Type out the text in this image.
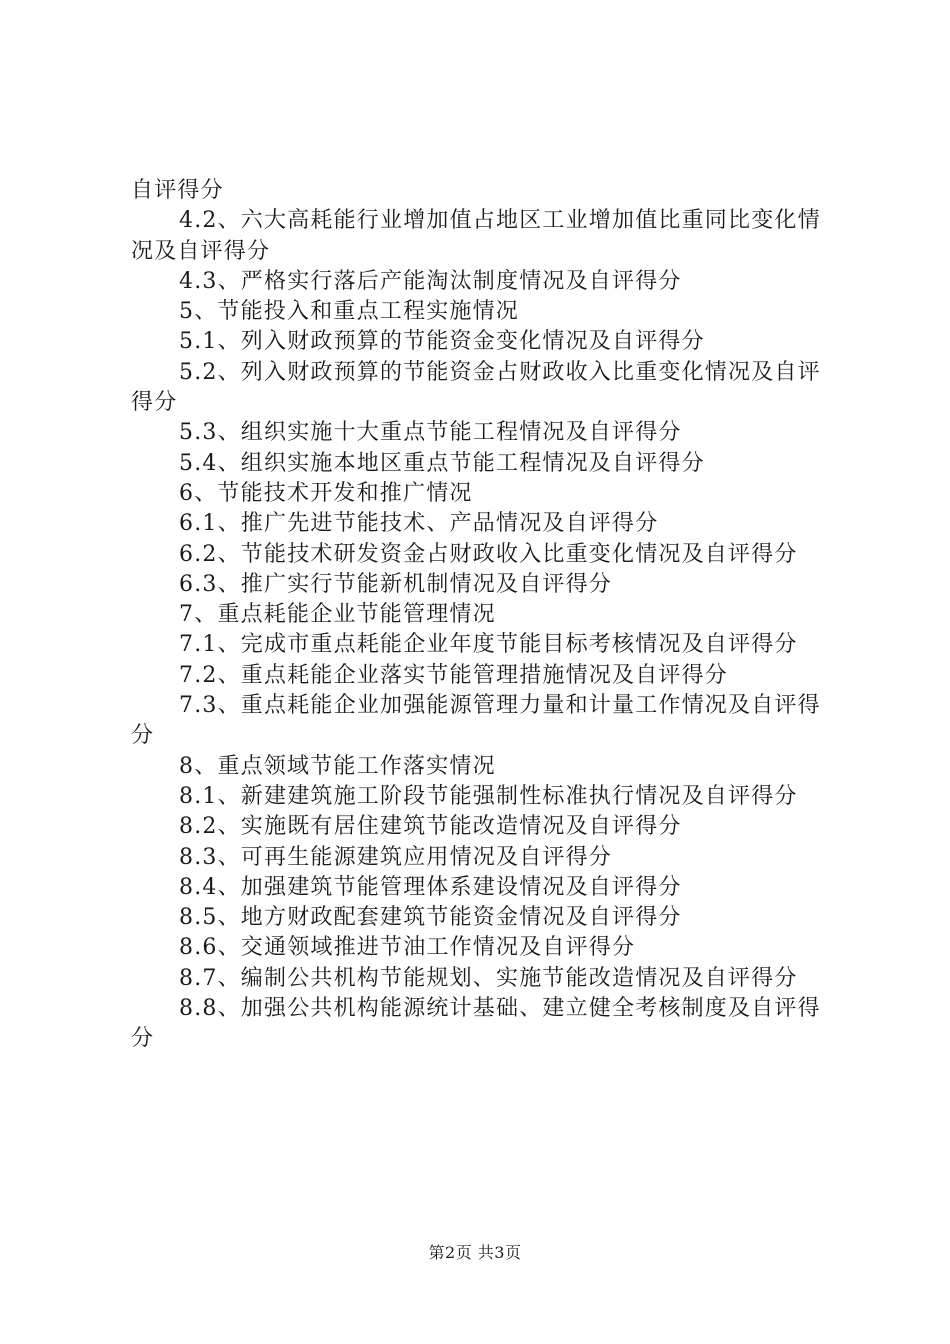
自评得分

4.2、六大高耗能行业增加值占地区工业增加值比重同比变化情况及自评得分

4.3、严格实行落后产能淘汰制度情况及自评得分

5、节能投入和重点工程实施情况

5.1、列入财政预算的节能资金变化情况及自评得分

5.2、列入财政预算的节能资金占财政收入比重变化情况及自评得分

5.3、组织实施十大重点节能工程情况及自评得分

5.4、组织实施本地区重点节能工程情况及自评得分

6、节能技术开发和推广情况

6.1、推广先进节能技术、产品情况及自评得分

6.2、节能技术研发资金占财政收入比重变化情况及自评得分

6.3、推广实行节能新机制情况及自评得分

7、重点耗能企业节能管理情况

7.1、完成市重点耗能企业年度节能目标考核情况及自评得分

7.2、重点耗能企业落实节能管理措施情况及自评得分

7.3、重点耗能企业加强能源管理力量和计量工作情况及自评得分

8、重点领域节能工作落实情况

8.1、新建建筑施工阶段节能强制性标准执行情况及自评得分

8.2、实施既有居住建筑节能改造情况及自评得分

8.3、可再生能源建筑应用情况及自评得分

8.4、加强建筑节能管理体系建设情况及自评得分

8.5、地方财政配套建筑节能资金情况及自评得分

8.6、交通领域推进节油工作情况及自评得分

8.7、编制公共机构节能规划、实施节能改造情况及自评得分

8.8、加强公共机构能源统计基础、建立健全考核制度及自评得分

第2页 共3页
